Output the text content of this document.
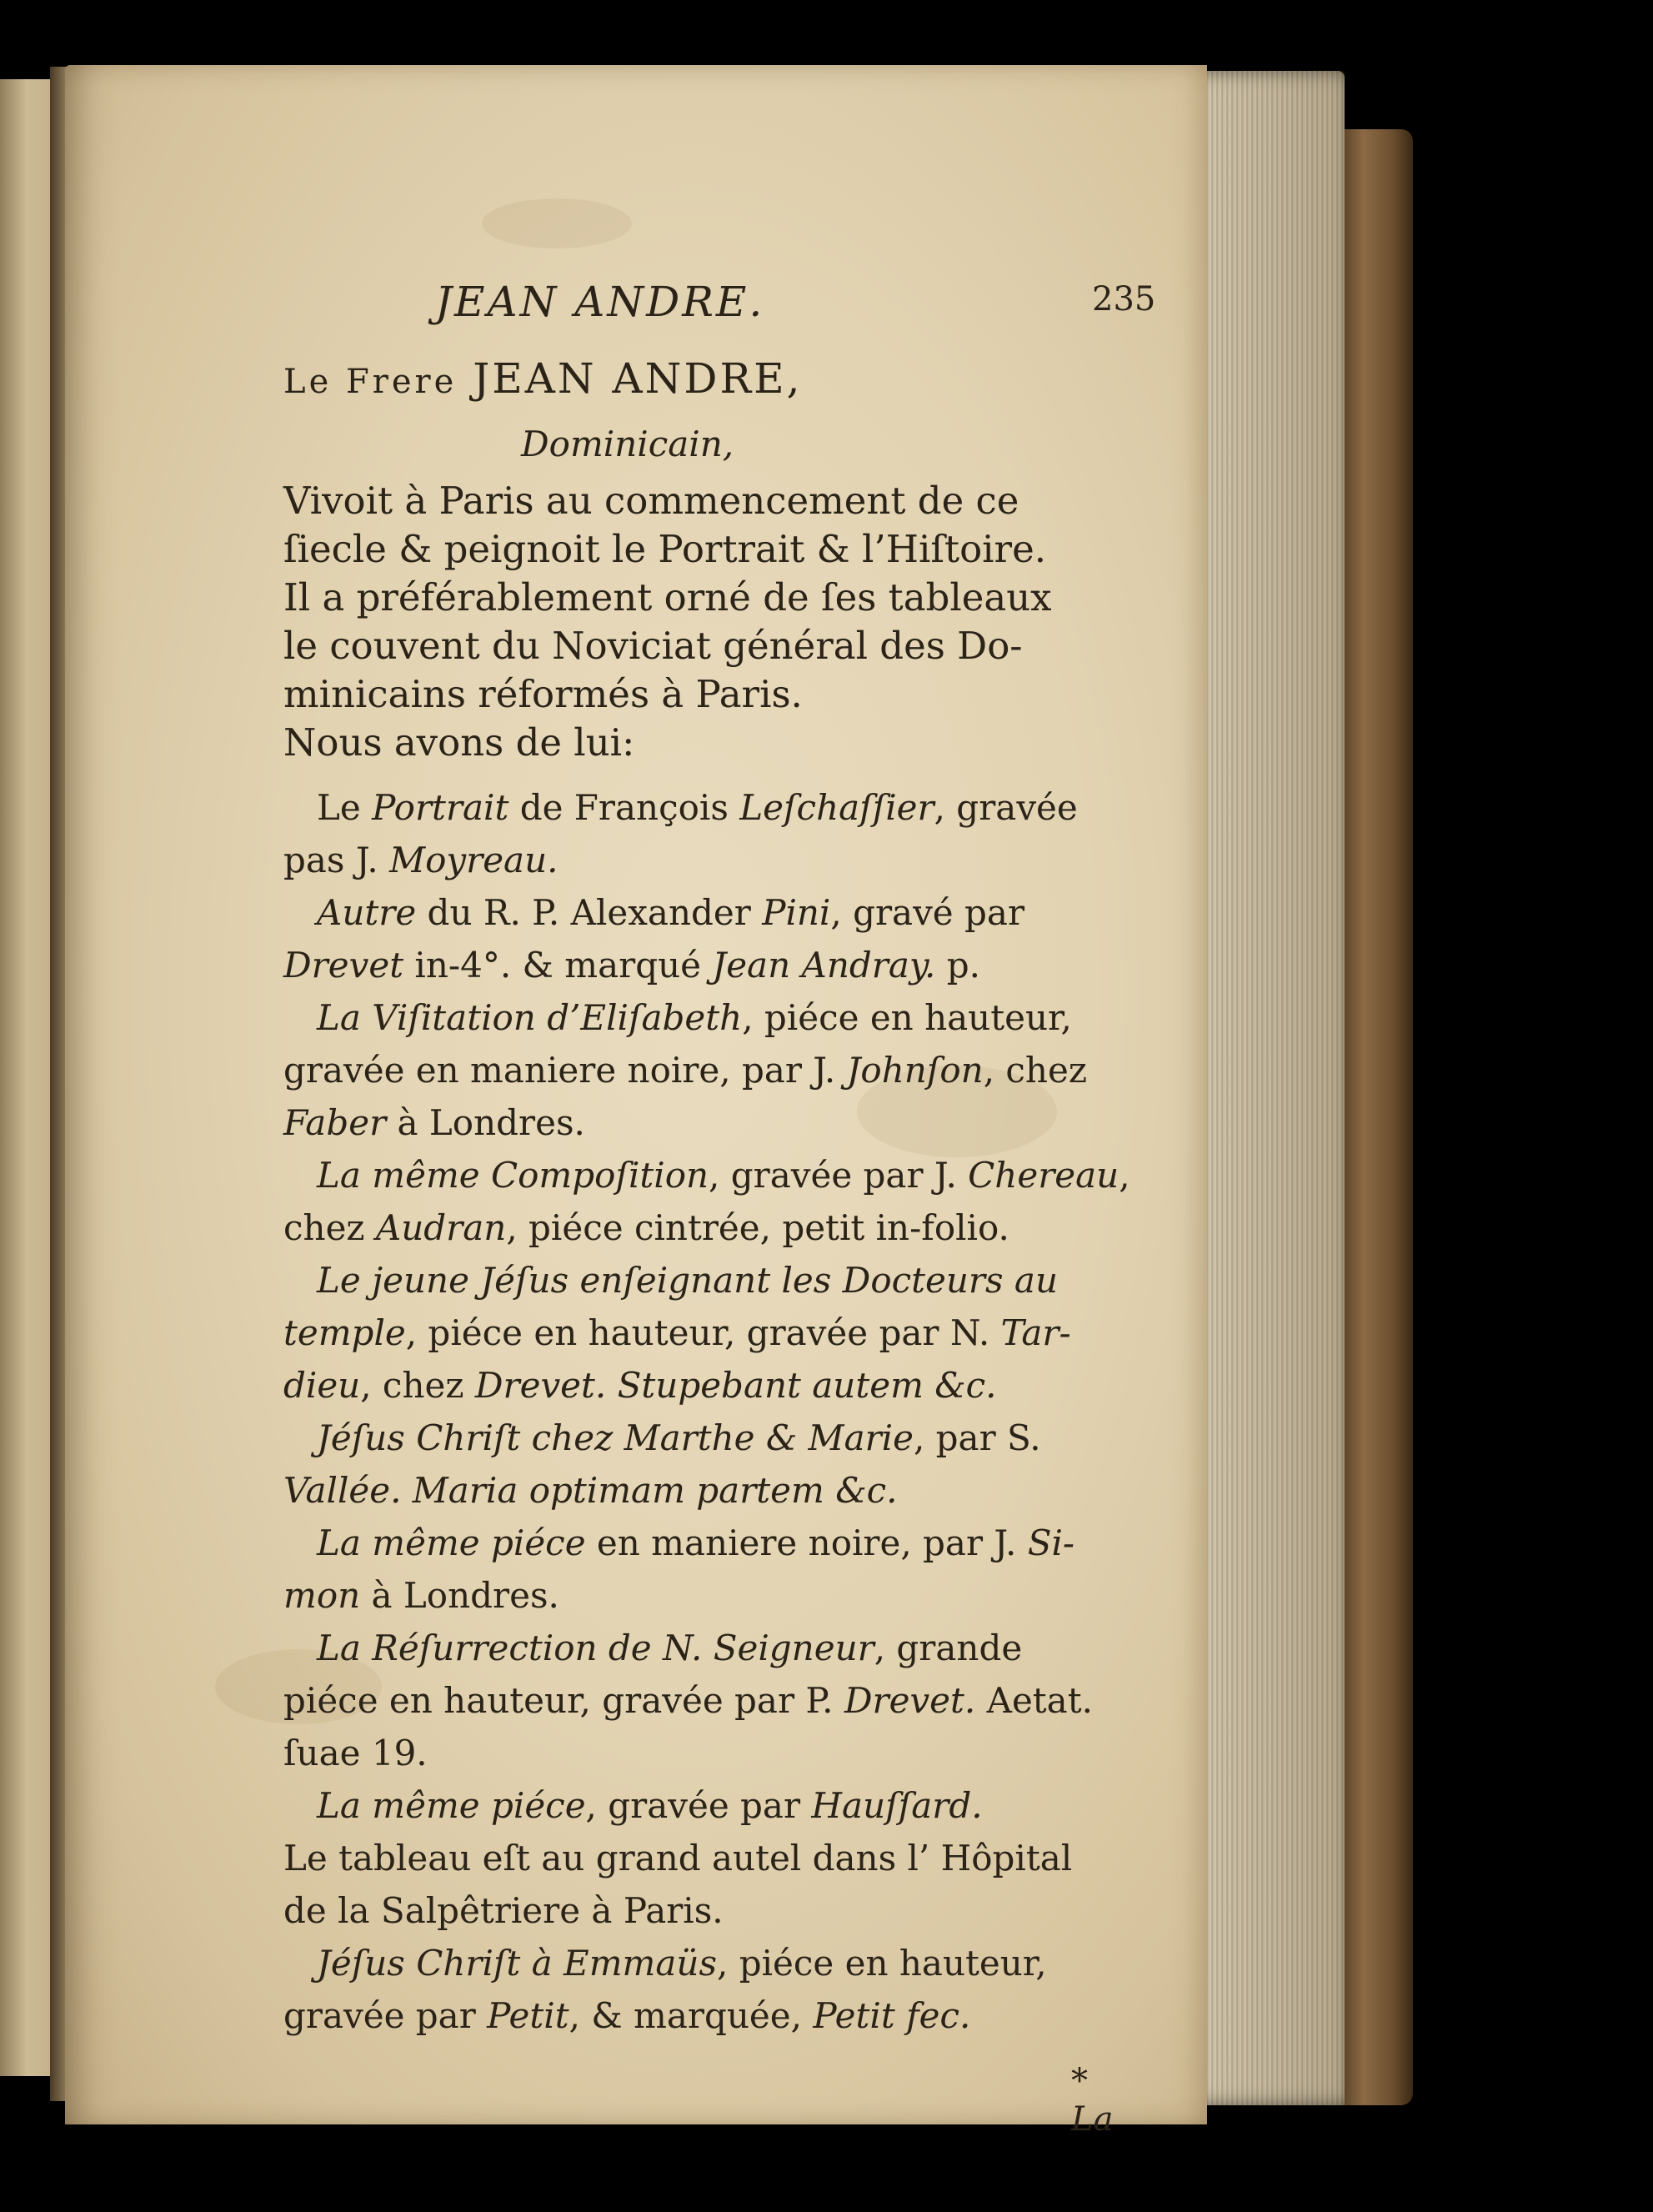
JEAN ANDRE.	235
Le Frere JEAN ANDRE,
Dominicain,
Vivoit à Paris au commencement de ce
ſiecle & peignoit le Portrait & l’Hiſtoire.
Il a préférablement orné de ſes tableaux
le couvent du Noviciat général des Do-
minicains réformés à Paris.
Nous avons de lui:
Le Portrait de François Leſchaſſier, gravée
pas J. Moyreau.
Autre du R. P. Alexander Pini, gravé par
Drevet in-4°. & marqué Jean Andray. p.
La Viſitation d’Eliſabeth, piéce en hauteur,
gravée en maniere noire, par J. Johnſon, chez
Faber à Londres.
La même Compoſition, gravée par J. Chereau,
chez Audran, piéce cintrée, petit in-folio.
Le jeune Jéſus enſeignant les Docteurs au
temple, piéce en hauteur, gravée par N. Tar-
dieu, chez Drevet. Stupebant autem &c.
Jéſus Chriſt chez Marthe & Marie, par S.
Vallée. Maria optimam partem &c.
La même piéce en maniere noire, par J. Si-
mon à Londres.
La Réſurrection de N. Seigneur, grande
piéce en hauteur, gravée par P. Drevet. Aetat.
ſuae 19.
La même piéce, gravée par Hauſſard.
Le tableau eſt au grand autel dans l’ Hôpital
de la Salpêtriere à Paris.
Jéſus Chriſt à Emmaüs, piéce en hauteur,
gravée par Petit, & marquée, Petit fec.
* La
